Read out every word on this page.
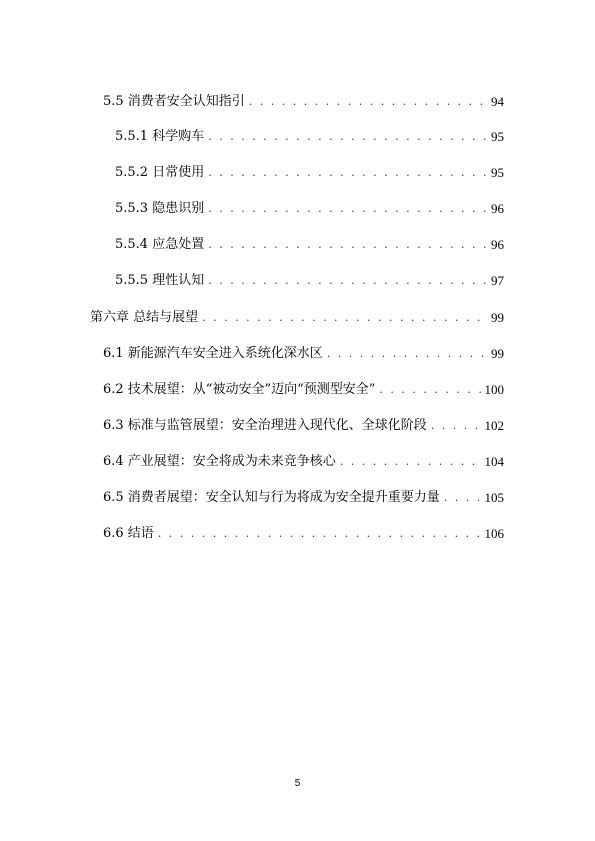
5.5 消费者安全认知指引 . . .	94
5.5.1 科学购车 . . .	95
5.5.2 日常使用 . . .	95
5.5.3 隐患识别 . . .	96
5.5.4 应急处置 . . .	96
5.5.5 理性认知 . . .	97
第六章 总结与展望 . . .	99
6.1 新能源汽车安全进入系统化深水区 . . .	99
6.2 技术展望：从“被动安全”迈向“预测型安全” . . .	100
6.3 标准与监管展望：安全治理进入现代化、全球化阶段 . . .	102
6.4 产业展望：安全将成为未来竞争核心 . . .	104
6.5 消费者展望：安全认知与行为将成为安全提升重要力量 . . .	105
6.6 结语 . . .	106
5
